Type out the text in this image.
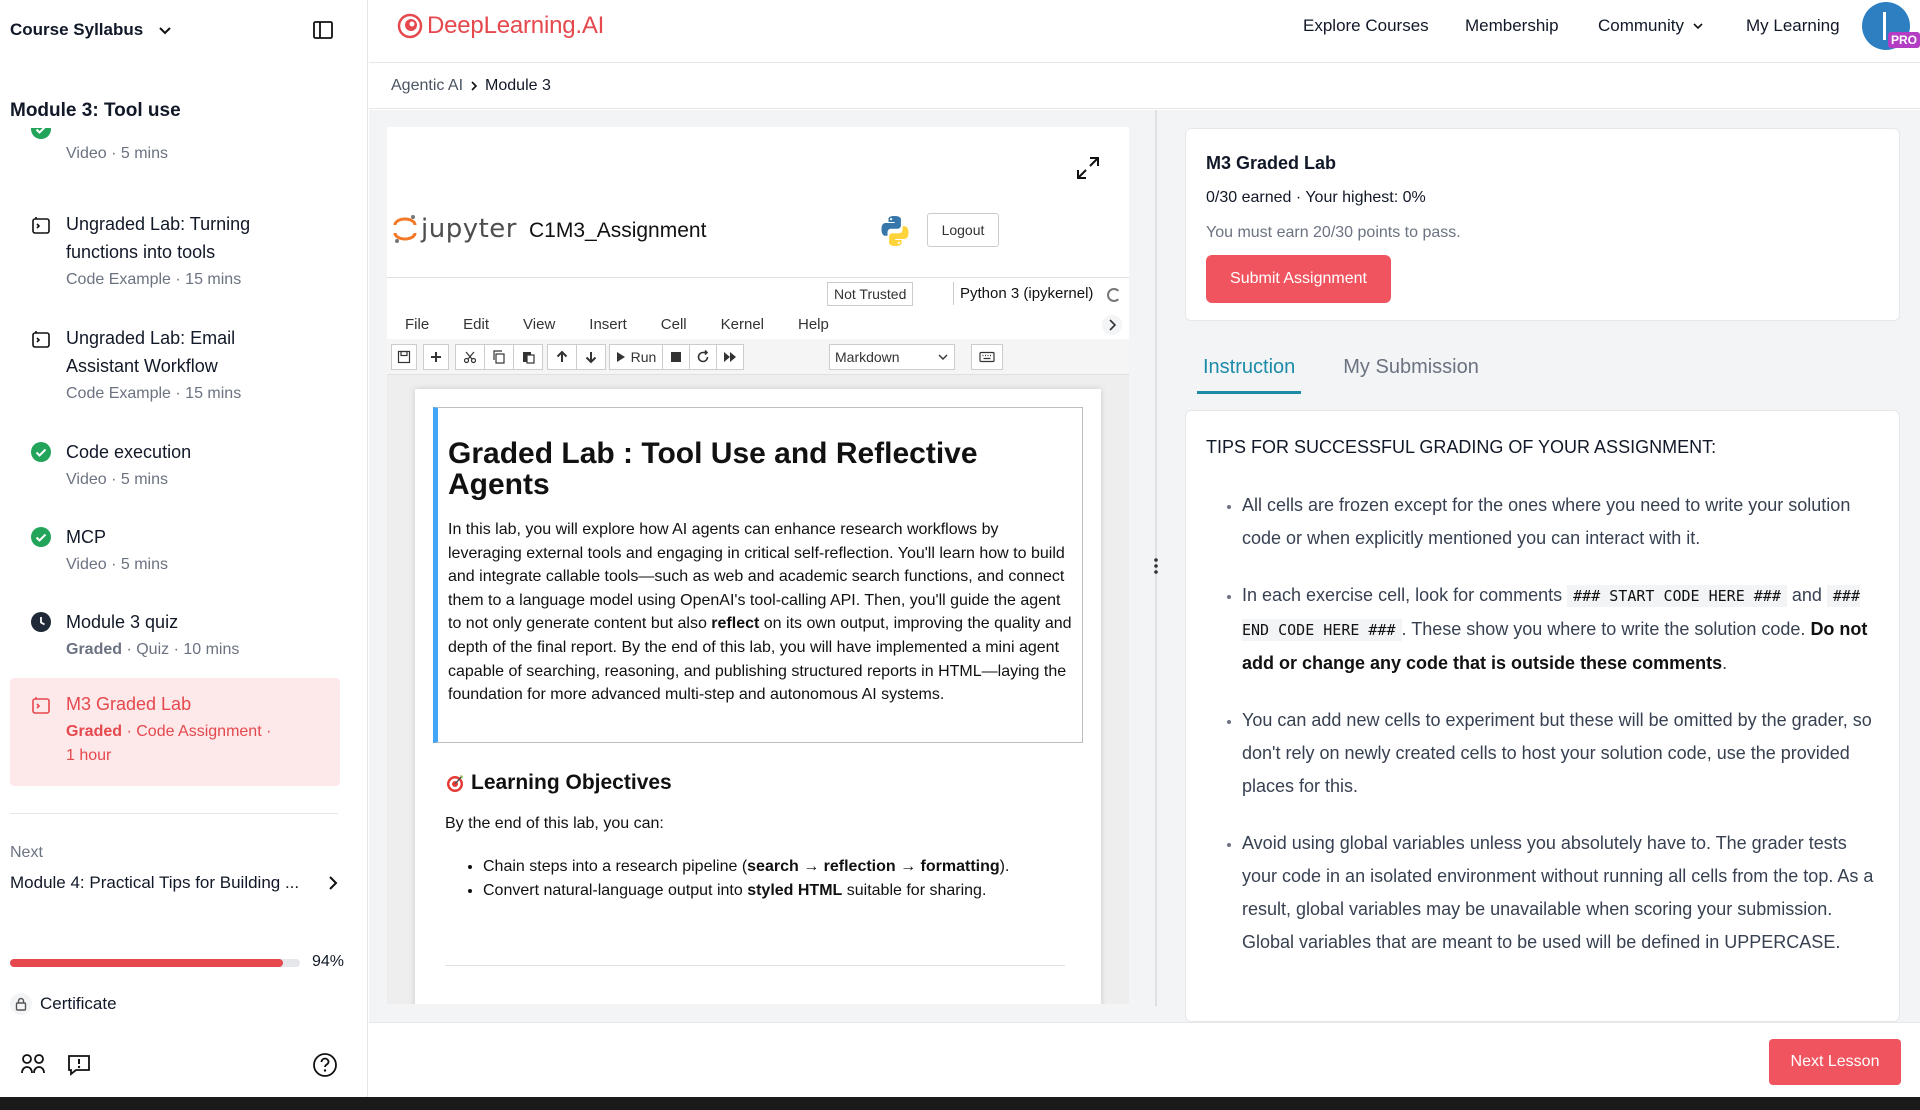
Course Syllabus
Module 3: Tool use
Video · 5 mins
Ungraded Lab: Turning
functions into tools
Code Example · 15 mins
Ungraded Lab: Email
Assistant Workflow
Code Example · 15 mins
Code execution
Video · 5 mins
MCP
Video · 5 mins
Module 3 quiz
Graded · Quiz · 10 mins
M3 Graded Lab
Graded · Code Assignment ·
1 hour
Next
Module 4: Practical Tips for Building ...
94%
Certificate
DeepLearning.AI	Explore Courses Membership Community	My Learning
PRO
Agentic AI Module 3
jupyter C1M3_Assignment	Logout
Not Trusted	Python 3 (ipykernel)
File Edit View Insert Cell Kernel Help
Run	Markdown
Graded Lab : Tool Use and Reflective Agents

In this lab, you will explore how AI agents can enhance research workflows by leveraging external tools and engaging in critical self-reflection. You'll learn how to build and integrate callable tools—such as web and academic search functions, and connect them to a language model using OpenAI's tool-calling API. Then, you'll guide the agent to not only generate content but also reflect on its own output, improving the quality and depth of the final report. By the end of this lab, you will have implemented a mini agent capable of searching, reasoning, and publishing structured reports in HTML—laying the foundation for more advanced multi-step and autonomous AI systems.

Learning Objectives
By the end of this lab, you can:
• Chain steps into a research pipeline (search → reflection → formatting).
• Convert natural-language output into styled HTML suitable for sharing.
M3 Graded Lab
0/30 earned · Your highest: 0%
You must earn 20/30 points to pass.
Submit Assignment
Instruction	My Submission
TIPS FOR SUCCESSFUL GRADING OF YOUR ASSIGNMENT:
• All cells are frozen except for the ones where you need to write your solution code or when explicitly mentioned you can interact with it.
• In each exercise cell, look for comments ### START CODE HERE ### and ### END CODE HERE ### . These show you where to write the solution code. Do not add or change any code that is outside these comments.
• You can add new cells to experiment but these will be omitted by the grader, so don't rely on newly created cells to host your solution code, use the provided places for this.
• Avoid using global variables unless you absolutely have to. The grader tests your code in an isolated environment without running all cells from the top. As a result, global variables may be unavailable when scoring your submission. Global variables that are meant to be used will be defined in UPPERCASE.
Next Lesson
